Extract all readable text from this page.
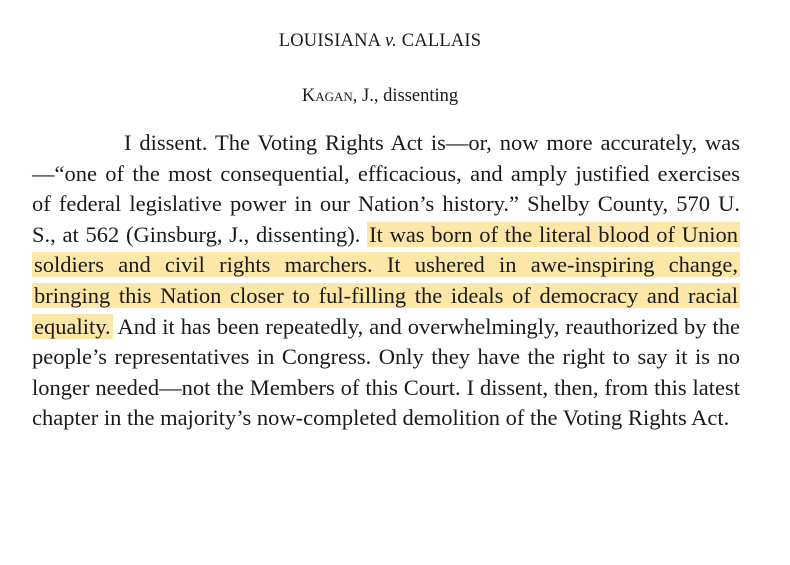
LOUISIANA v. CALLAIS
Kagan, J., dissenting

I dissent. The Voting Rights Act is—or, now more accurately, was—“one of the most consequential, efficacious, and amply justified exercises of federal legislative power in our Nation’s history.” Shelby County, 570 U. S., at 562 (Ginsburg, J., dissenting). It was born of the literal blood of Union soldiers and civil rights marchers. It ushered in awe-inspiring change, bringing this Nation closer to ful-filling the ideals of democracy and racial equality. And it has been repeatedly, and overwhelmingly, reauthorized by the people’s representatives in Congress. Only they have the right to say it is no longer needed—not the Members of this Court. I dissent, then, from this latest chapter in the majority’s now-completed demolition of the Voting Rights Act.
